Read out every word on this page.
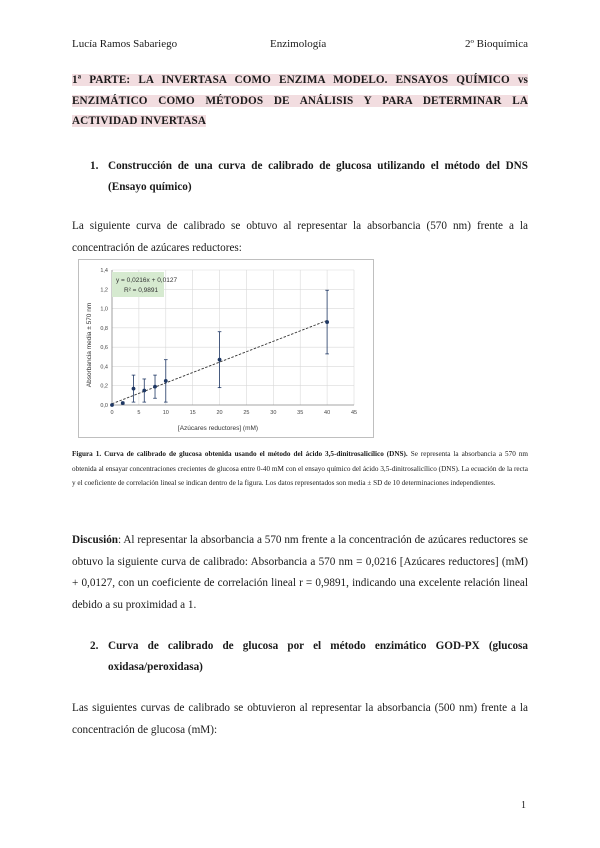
Lucía Ramos Sabariego	Enzimología	2º Bioquímica
1ª PARTE: LA INVERTASA COMO ENZIMA MODELO. ENSAYOS QUÍMICO vs ENZIMÁTICO COMO MÉTODOS DE ANÁLISIS Y PARA DETERMINAR LA ACTIVIDAD INVERTASA
1. Construcción de una curva de calibrado de glucosa utilizando el método del DNS (Ensayo químico)
La siguiente curva de calibrado se obtuvo al representar la absorbancia (570 nm) frente a la concentración de azúcares reductores:
0	5	10	15	20	25	30	35	40	45
0,0
0,2
0,4
0,6
0,8
1,0
1,2
1,4
y = 0,0216x + 0,0127
R² = 0,9891
[Azúcares reductores] (mM)
Absorbancia media ± 570 nm
Figura 1. Curva de calibrado de glucosa obtenida usando el método del ácido 3,5-dinitrosalicílico (DNS). Se representa la absorbancia a 570 nm obtenida al ensayar concentraciones crecientes de glucosa entre 0-40 mM con el ensayo químico del ácido 3,5-dinitrosalicílico (DNS). La ecuación de la recta y el coeficiente de correlación lineal se indican dentro de la figura. Los datos representados son media ± SD de 10 determinaciones independientes.
Discusión: Al representar la absorbancia a 570 nm frente a la concentración de azúcares reductores se obtuvo la siguiente curva de calibrado: Absorbancia a 570 nm = 0,0216 [Azúcares reductores] (mM) + 0,0127, con un coeficiente de correlación lineal r = 0,9891, indicando una excelente relación lineal debido a su proximidad a 1.
2. Curva de calibrado de glucosa por el método enzimático GOD-PX (glucosa oxidasa/peroxidasa)
Las siguientes curvas de calibrado se obtuvieron al representar la absorbancia (500 nm) frente a la concentración de glucosa (mM):
1
